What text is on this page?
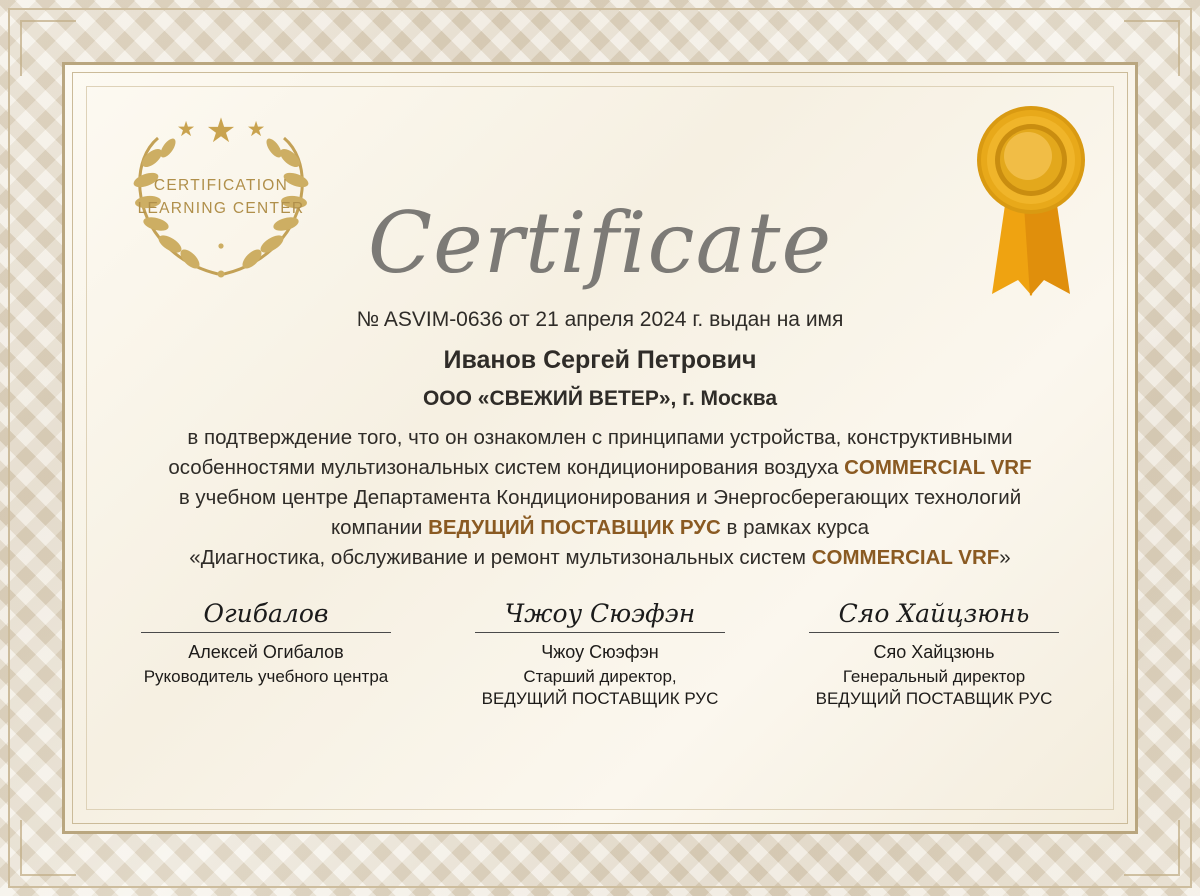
★
★ ★
CERTIFICATION
LEARNING CENTER Certificate
№ ASVIM-0636 от 21 апреля 2024 г. выдан на имя
Иванов Сергей Петрович
ООО «СВЕЖИЙ ВЕТЕР», г. Москва
в подтверждение того, что он ознакомлен с принципами устройства, конструктивными
особенностями мультизональных систем кондиционирования воздуха COMMERCIAL VRF
в учебном центре Департамента Кондиционирования и Энергосберегающих технологий
компании ВЕДУЩИЙ ПОСТАВЩИК РУС в рамках курса
«Диагностика, обслуживание и ремонт мультизональных систем COMMERCIAL VRF»
Огибалов
Алексей Огибалов
Руководитель учебного центра
Чжоу Сюэфэн
Чжоу Сюэфэн
Старший директор,
ВЕДУЩИЙ ПОСТАВЩИК РУС
Сяо Хайцзюнь
Сяо Хайцзюнь
Генеральный директор
ВЕДУЩИЙ ПОСТАВЩИК РУС
